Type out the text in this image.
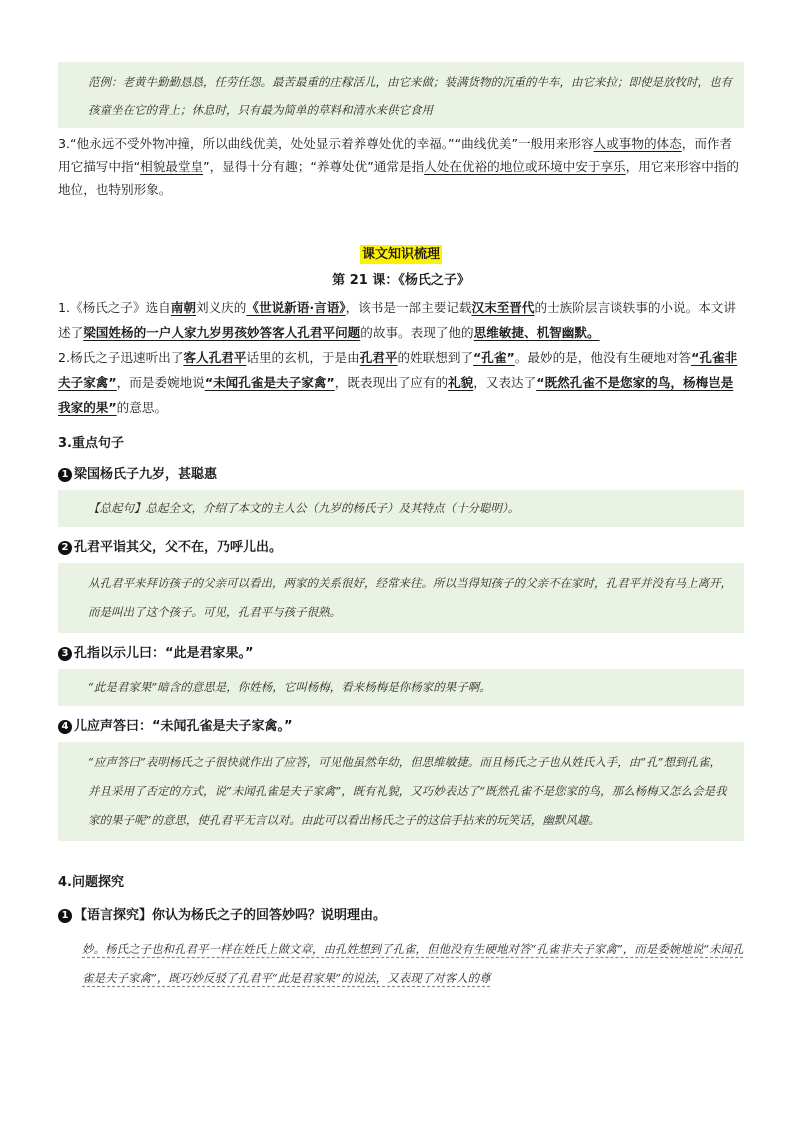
范例：老黄牛勤勤恳恳，任劳任怨。最苦最重的庄稼活儿，由它来做；装满货物的沉重的牛车，由它来拉；即使是放牧时，也有孩童坐在它的背上；休息时，只有最为简单的草料和清水来供它食用

3.“他永远不受外物冲撞，所以曲线优美，处处显示着养尊处优的幸福。”“曲线优美”一般用来形容人或事物的体态，而作者用它描写中指“相貌最堂皇”，显得十分有趣；“养尊处优”通常是指人处在优裕的地位或环境中安于享乐，用它来形容中指的地位，也特别形象。

课文知识梳理
第 21 课：《杨氏之子》

1.《杨氏之子》选自南朝刘义庆的《世说新语·言语》，该书是一部主要记载汉末至晋代的士族阶层言谈轶事的小说。本文讲述了梁国姓杨的一户人家九岁男孩妙答客人孔君平问题的故事。表现了他的思维敏捷、机智幽默。

2.杨氏之子迅速听出了客人孔君平话里的玄机，于是由孔君平的姓联想到了“孔雀”。最妙的是，他没有生硬地对答“孔雀非夫子家禽”，而是委婉地说“未闻孔雀是夫子家禽”，既表现出了应有的礼貌，又表达了“既然孔雀不是您家的鸟，杨梅岂是我家的果”的意思。

3.重点句子
1 梁国杨氏子九岁，甚聪惠
【总起句】总起全文，介绍了本文的主人公（九岁的杨氏子）及其特点（十分聪明）。
2 孔君平诣其父，父不在，乃呼儿出。
从孔君平来拜访孩子的父亲可以看出，两家的关系很好，经常来往。所以当得知孩子的父亲不在家时，孔君平并没有马上离开，而是叫出了这个孩子。可见，孔君平与孩子很熟。
3 孔指以示儿曰：“此是君家果。”
“此是君家果”暗含的意思是，你姓杨，它叫杨梅，看来杨梅是你杨家的果子啊。
4 儿应声答曰：“未闻孔雀是夫子家禽。”
“应声答曰”表明杨氏之子很快就作出了应答，可见他虽然年幼，但思维敏捷。而且杨氏之子也从姓氏入手，由“孔”想到孔雀，并且采用了否定的方式，说“未闻孔雀是夫子家禽”，既有礼貌，又巧妙表达了“既然孔雀不是您家的鸟，那么杨梅又怎么会是我家的果子呢”的意思，使孔君平无言以对。由此可以看出杨氏之子的这信手拈来的玩笑话，幽默风趣。
4.问题探究
1 【语言探究】你认为杨氏之子的回答妙吗？说明理由。
妙。杨氏之子也和孔君平一样在姓氏上做文章，由孔姓想到了孔雀，但他没有生硬地对答“孔雀非夫子家禽”，而是委婉地说“未闻孔雀是夫子家禽”，既巧妙反驳了孔君平“此是君家果”的说法，又表现了对客人的尊
